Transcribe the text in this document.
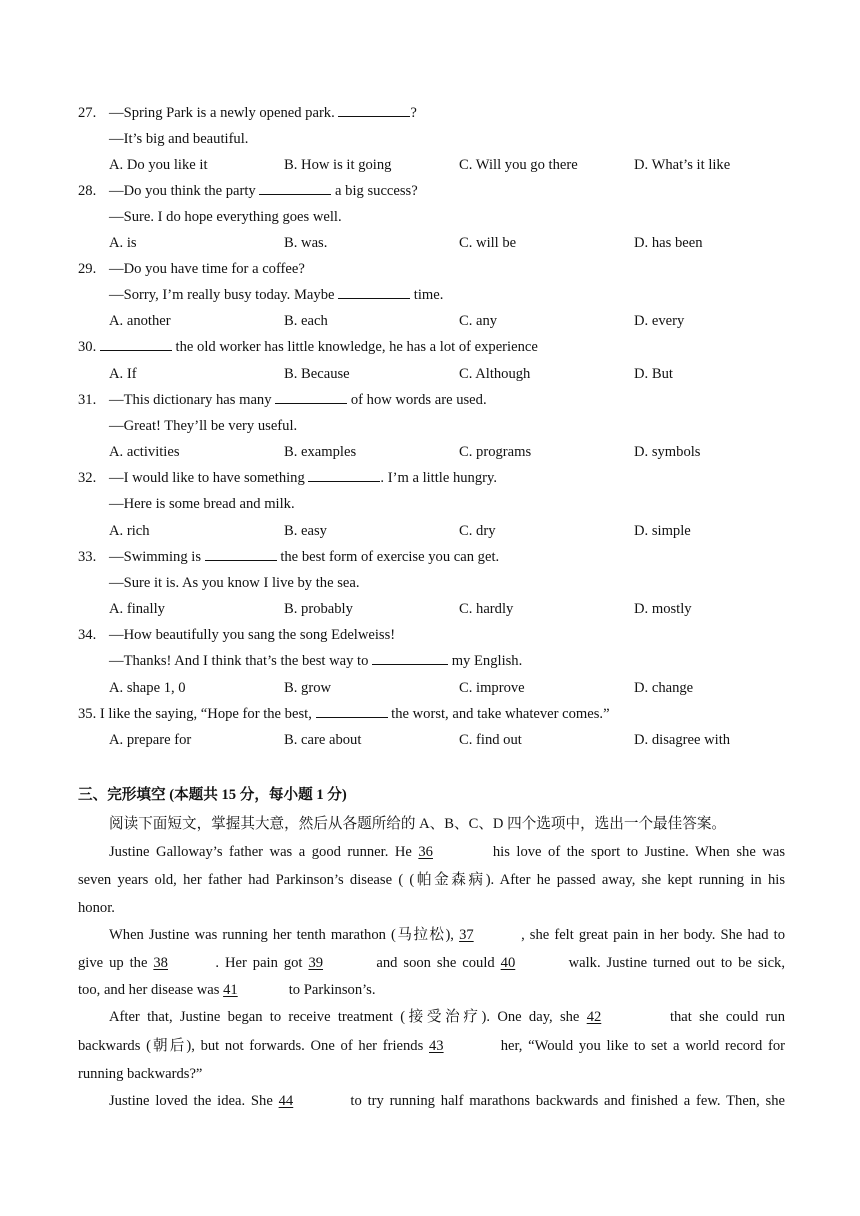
27. —Spring Park is a newly opened park.	?
—It’s big and beautiful.
A. Do you like it	B. How is it going	C. Will you go there	D. What’s it like
28. —Do you think the party	a big success?
—Sure. I do hope everything goes well.
A. is	B. was.	C. will be	D. has been
29. —Do you have time for a coffee?
—Sorry, I’m really busy today. Maybe	time.
A. another	B. each	C. any	D. every
30.	the old worker has little knowledge, he has a lot of experience
A. If	B. Because	C. Although	D. But
31. —This dictionary has many	of how words are used.
—Great! They’ll be very useful.
A. activities	B. examples	C. programs	D. symbols
32. —I would like to have something	. I’m a little hungry.
—Here is some bread and milk.
A. rich	B. easy	C. dry	D. simple
33. —Swimming is	the best form of exercise you can get.
—Sure it is. As you know I live by the sea.
A. finally	B. probably	C. hardly	D. mostly
34. —How beautifully you sang the song Edelweiss!
—Thanks! And I think that’s the best way to	my English.
A. shape 1, 0	B. grow	C. improve	D. change
35. I like the saying, “Hope for the best,	the worst, and take whatever comes.”
A. prepare for	B. care about	C. find out	D. disagree with
三、完形填空 (本题共 15 分，每小题 1 分)
阅读下面短文，掌握其大意，然后从各题所给的 A、B、C、D 四个选项中，选出一个最佳答案。
Justine Galloway’s father was a good runner. He 36	his love of the sport to Justine. When she was
seven years old, her father had Parkinson’s disease ( (帕金森病). After he passed away, she kept running in his
honor.
When Justine was running her tenth marathon (马拉松), 37	, she felt great pain in her body. She had to
give up the 38	. Her pain got 39	and soon she could 40	walk. Justine turned out to be sick,
too, and her disease was 41	to Parkinson’s.
After that, Justine began to receive treatment (接受治疗). One day, she 42	that she could run
backwards (朝后), but not forwards. One of her friends 43	her, “Would you like to set a world record for
running backwards?”
Justine loved the idea. She 44	to try running half marathons backwards and finished a few. Then, she
